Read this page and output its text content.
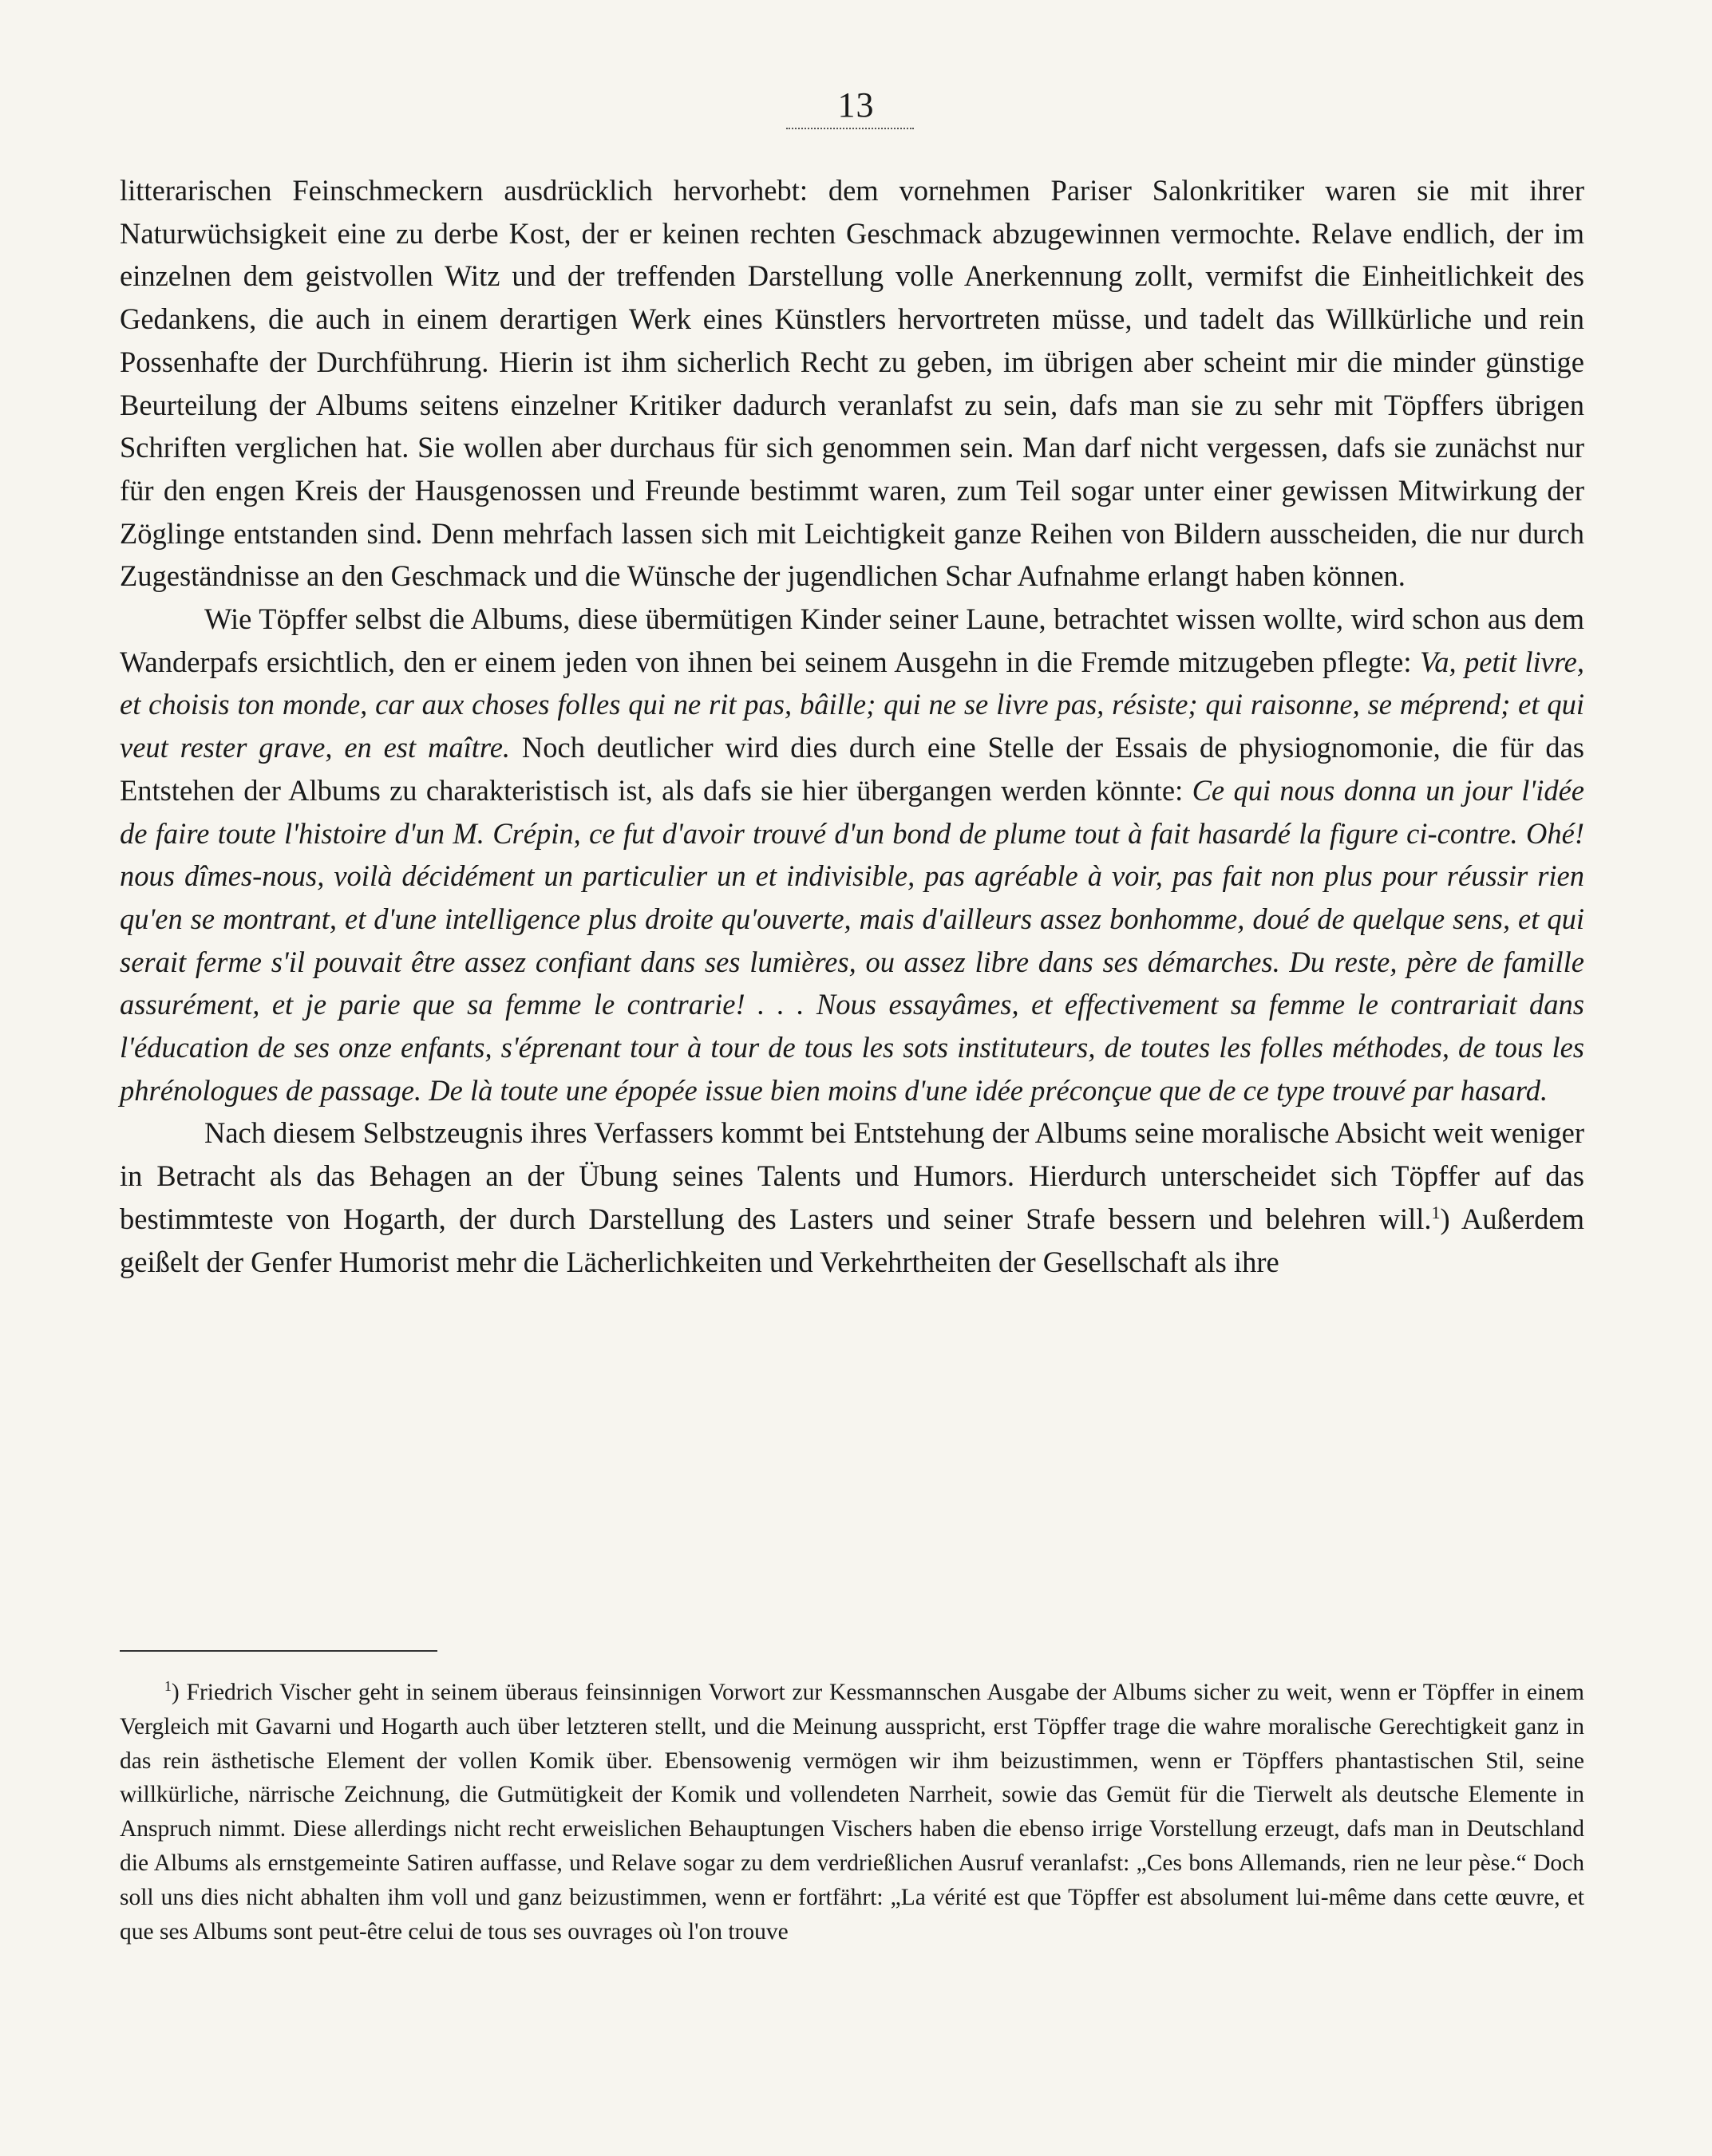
13

litterarischen Feinschmeckern ausdrücklich hervorhebt: dem vornehmen Pariser Salonkritiker waren sie mit ihrer Naturwüchsigkeit eine zu derbe Kost, der er keinen rechten Geschmack abzugewinnen vermochte. Relave endlich, der im einzelnen dem geistvollen Witz und der treffenden Darstellung volle Anerkennung zollt, vermifst die Einheitlichkeit des Gedankens, die auch in einem derartigen Werk eines Künstlers hervortreten müsse, und tadelt das Willkürliche und rein Possenhafte der Durchführung. Hierin ist ihm sicherlich Recht zu geben, im übrigen aber scheint mir die minder günstige Beurteilung der Albums seitens einzelner Kritiker dadurch veranlafst zu sein, dafs man sie zu sehr mit Töpffers übrigen Schriften verglichen hat. Sie wollen aber durchaus für sich genommen sein. Man darf nicht vergessen, dafs sie zunächst nur für den engen Kreis der Hausgenossen und Freunde bestimmt waren, zum Teil sogar unter einer gewissen Mitwirkung der Zöglinge entstanden sind. Denn mehrfach lassen sich mit Leichtigkeit ganze Reihen von Bildern ausscheiden, die nur durch Zugeständnisse an den Geschmack und die Wünsche der jugendlichen Schar Aufnahme erlangt haben können.

Wie Töpffer selbst die Albums, diese übermütigen Kinder seiner Laune, betrachtet wissen wollte, wird schon aus dem Wanderpafs ersichtlich, den er einem jeden von ihnen bei seinem Ausgehn in die Fremde mitzugeben pflegte: Va, petit livre, et choisis ton monde, car aux choses folles qui ne rit pas, bâille; qui ne se livre pas, résiste; qui raisonne, se méprend; et qui veut rester grave, en est maître. Noch deutlicher wird dies durch eine Stelle der Essais de physiognomonie, die für das Entstehen der Albums zu charakteristisch ist, als dafs sie hier übergangen werden könnte: Ce qui nous donna un jour l'idée de faire toute l'histoire d'un M. Crépin, ce fut d'avoir trouvé d'un bond de plume tout à fait hasardé la figure ci-contre. Ohé! nous dîmes-nous, voilà décidément un particulier un et indivisible, pas agréable à voir, pas fait non plus pour réussir rien qu'en se montrant, et d'une intelligence plus droite qu'ouverte, mais d'ailleurs assez bonhomme, doué de quelque sens, et qui serait ferme s'il pouvait être assez confiant dans ses lumières, ou assez libre dans ses démarches. Du reste, père de famille assurément, et je parie que sa femme le contrarie! . . . Nous essayâmes, et effectivement sa femme le contrariait dans l'éducation de ses onze enfants, s'éprenant tour à tour de tous les sots instituteurs, de toutes les folles méthodes, de tous les phrénologues de passage. De là toute une épopée issue bien moins d'une idée préconçue que de ce type trouvé par hasard.

Nach diesem Selbstzeugnis ihres Verfassers kommt bei Entstehung der Albums seine moralische Absicht weit weniger in Betracht als das Behagen an der Übung seines Talents und Humors. Hierdurch unterscheidet sich Töpffer auf das bestimmteste von Hogarth, der durch Darstellung des Lasters und seiner Strafe bessern und belehren will.$^1$) Außerdem geißelt der Genfer Humorist mehr die Lächerlichkeiten und Verkehrtheiten der Gesellschaft als ihre

$^1$) Friedrich Vischer geht in seinem überaus feinsinnigen Vorwort zur Kessmannschen Ausgabe der Albums sicher zu weit, wenn er Töpffer in einem Vergleich mit Gavarni und Hogarth auch über letzteren stellt, und die Meinung ausspricht, erst Töpffer trage die wahre moralische Gerechtigkeit ganz in das rein ästhetische Element der vollen Komik über. Ebensowenig vermögen wir ihm beizustimmen, wenn er Töpffers phantastischen Stil, seine willkürliche, närrische Zeichnung, die Gutmütigkeit der Komik und vollendeten Narrheit, sowie das Gemüt für die Tierwelt als deutsche Elemente in Anspruch nimmt. Diese allerdings nicht recht erweislichen Behauptungen Vischers haben die ebenso irrige Vorstellung erzeugt, dafs man in Deutschland die Albums als ernstgemeinte Satiren auffasse, und Relave sogar zu dem verdrießlichen Ausruf veranlafst: „Ces bons Allemands, rien ne leur pèse.“ Doch soll uns dies nicht abhalten ihm voll und ganz beizustimmen, wenn er fortfährt: „La vérité est que Töpffer est absolument lui-même dans cette œuvre, et que ses Albums sont peut-être celui de tous ses ouvrages où l'on trouve
